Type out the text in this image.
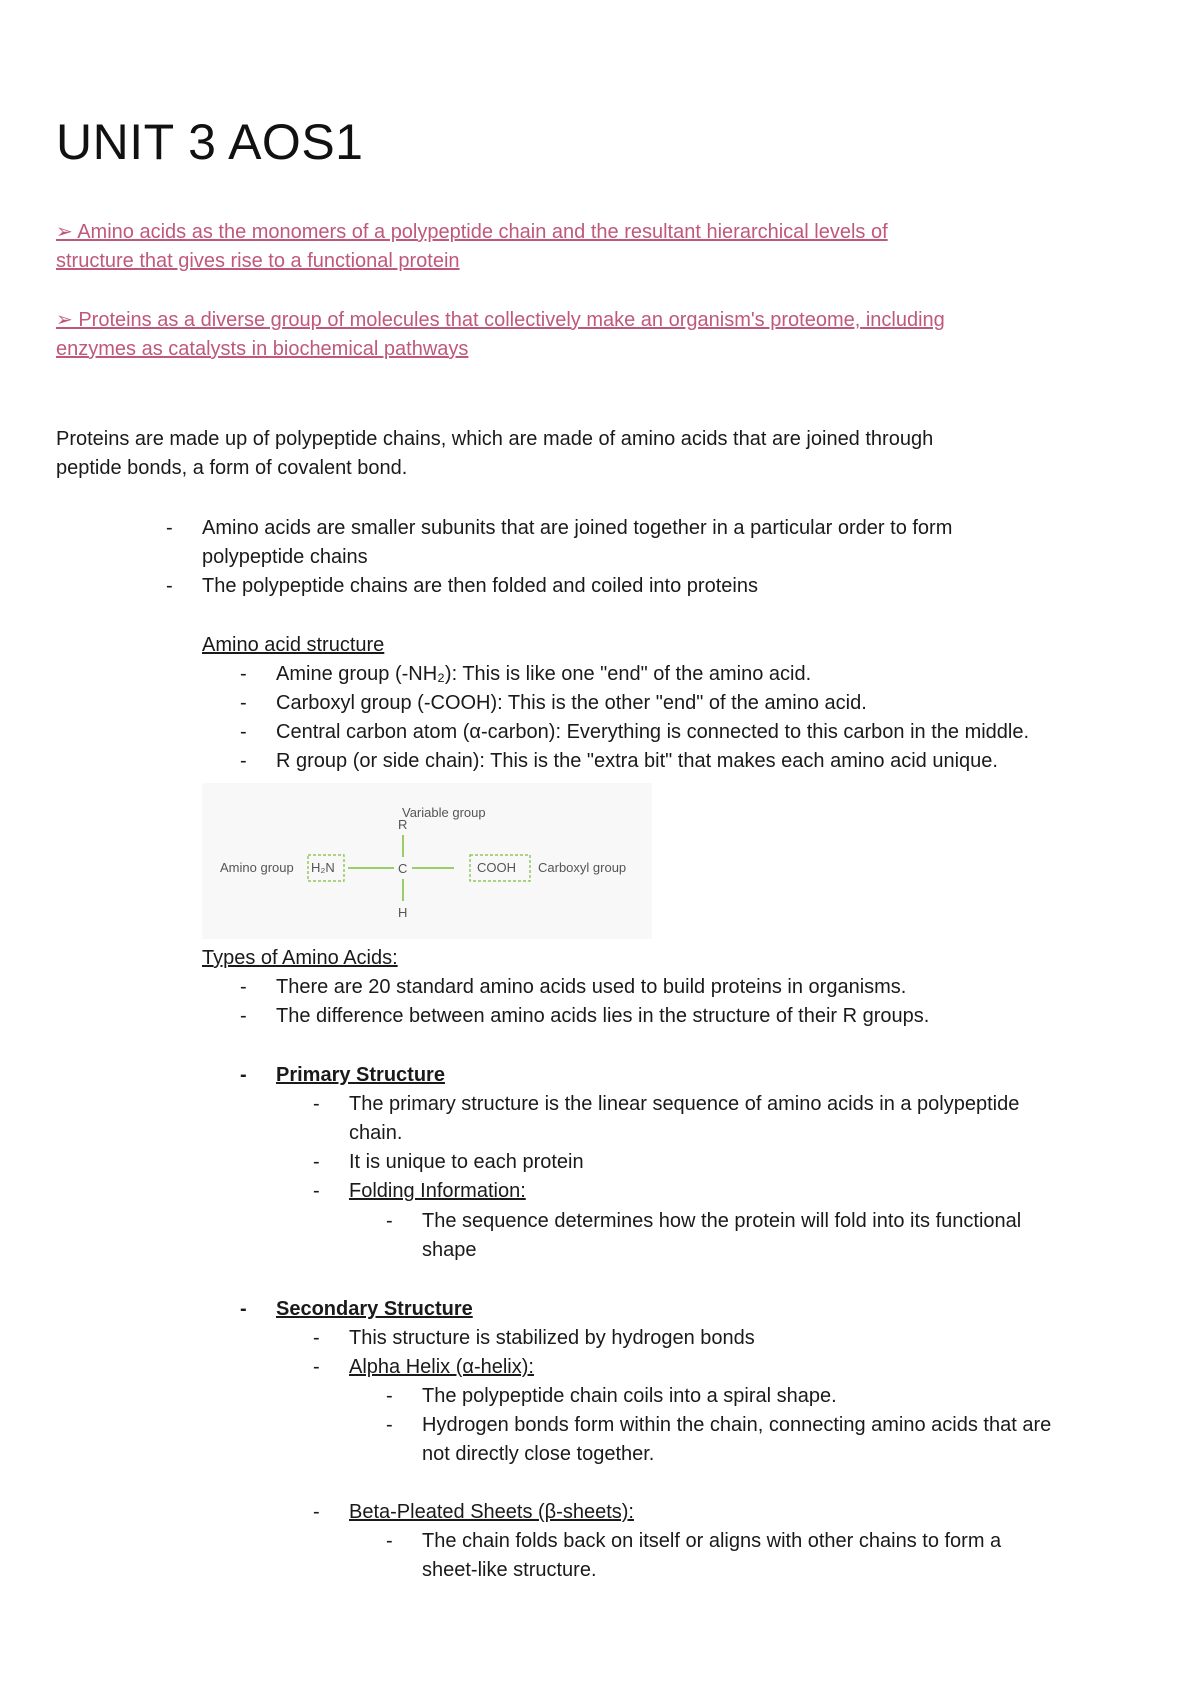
UNIT 3 AOS1
➢ Amino acids as the monomers of a polypeptide chain and the resultant hierarchical levels of
structure that gives rise to a functional protein
➢ Proteins as a diverse group of molecules that collectively make an organism's proteome, including
enzymes as catalysts in biochemical pathways
Proteins are made up of polypeptide chains, which are made of amino acids that are joined through
peptide bonds, a form of covalent bond.
-	Amino acids are smaller subunits that are joined together in a particular order to form
polypeptide chains
-	The polypeptide chains are then folded and coiled into proteins
Amino acid structure
-	Amine group (-NH₂): This is like one "end" of the amino acid.
-	Carboxyl group (-COOH): This is the other "end" of the amino acid.
-	Central carbon atom (α-carbon): Everything is connected to this carbon in the middle.
-	R group (or side chain): This is the "extra bit" that makes each amino acid unique.
Variable group
R
Amino group H₂N	C	COOH Carboxyl group
H
Types of Amino Acids:
-	There are 20 standard amino acids used to build proteins in organisms.
-	The difference between amino acids lies in the structure of their R groups.
-	Primary Structure
-	The primary structure is the linear sequence of amino acids in a polypeptide
chain.
-	It is unique to each protein
-	Folding Information:
-	The sequence determines how the protein will fold into its functional
shape
-	Secondary Structure
-	This structure is stabilized by hydrogen bonds
-	Alpha Helix (α-helix):
-	The polypeptide chain coils into a spiral shape.
-	Hydrogen bonds form within the chain, connecting amino acids that are
not directly close together.
-	Beta-Pleated Sheets (β-sheets):
-	The chain folds back on itself or aligns with other chains to form a
sheet-like structure.
